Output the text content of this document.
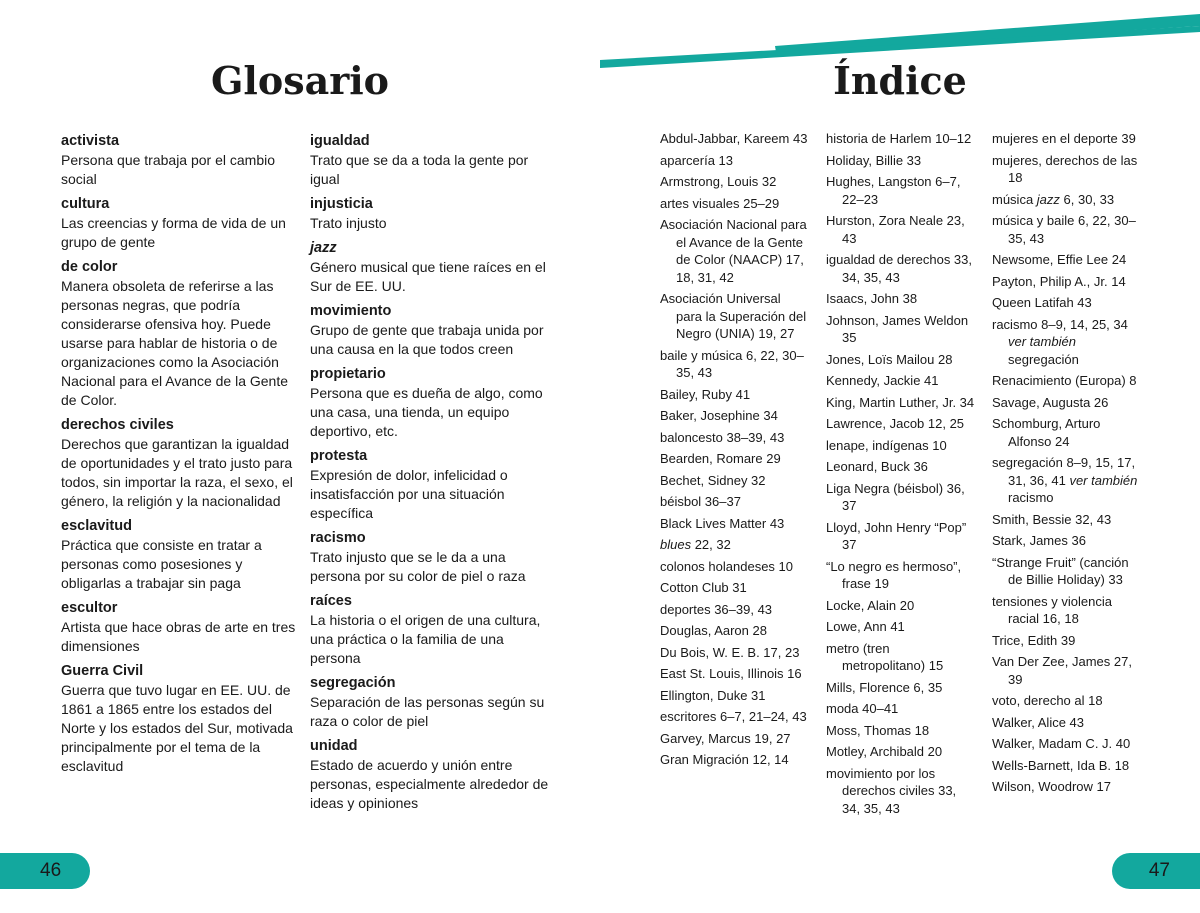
Glosario
activista
Persona que trabaja por el cambio social
cultura
Las creencias y forma de vida de un grupo de gente
de color
Manera obsoleta de referirse a las personas negras, que podría considerarse ofensiva hoy. Puede usarse para hablar de historia o de organizaciones como la Asociación Nacional para el Avance de la Gente de Color.
derechos civiles
Derechos que garantizan la igualdad de oportunidades y el trato justo para todos, sin importar la raza, el sexo, el género, la religión y la nacionalidad
esclavitud
Práctica que consiste en tratar a personas como posesiones y obligarlas a trabajar sin paga
escultor
Artista que hace obras de arte en tres dimensiones
Guerra Civil
Guerra que tuvo lugar en EE. UU. de 1861 a 1865 entre los estados del Norte y los estados del Sur, motivada principalmente por el tema de la esclavitud
igualdad
Trato que se da a toda la gente por igual
injusticia
Trato injusto
jazz
Género musical que tiene raíces en el Sur de EE. UU.
movimiento
Grupo de gente que trabaja unida por una causa en la que todos creen
propietario
Persona que es dueña de algo, como una casa, una tienda, un equipo deportivo, etc.
protesta
Expresión de dolor, infelicidad o insatisfacción por una situación específica
racismo
Trato injusto que se le da a una persona por su color de piel o raza
raíces
La historia o el origen de una cultura, una práctica o la familia de una persona
segregación
Separación de las personas según su raza o color de piel
unidad
Estado de acuerdo y unión entre personas, especialmente alrededor de ideas y opiniones
46
Índice
Abdul-Jabbar, Kareem 43
aparcería 13
Armstrong, Louis 32
artes visuales 25–29
Asociación Nacional para el Avance de la Gente de Color (NAACP) 17, 18, 31, 42
Asociación Universal para la Superación del Negro (UNIA) 19, 27
baile y música 6, 22, 30–35, 43
Bailey, Ruby 41
Baker, Josephine 34
baloncesto 38–39, 43
Bearden, Romare 29
Bechet, Sidney 32
béisbol 36–37
Black Lives Matter 43
blues 22, 32
colonos holandeses 10
Cotton Club 31
deportes 36–39, 43
Douglas, Aaron 28
Du Bois, W. E. B. 17, 23
East St. Louis, Illinois 16
Ellington, Duke 31
escritores 6–7, 21–24, 43
Garvey, Marcus 19, 27
Gran Migración 12, 14
historia de Harlem 10–12
Holiday, Billie 33
Hughes, Langston 6–7, 22–23
Hurston, Zora Neale 23, 43
igualdad de derechos 33, 34, 35, 43
Isaacs, John 38
Johnson, James Weldon 35
Jones, Loïs Mailou 28
Kennedy, Jackie 41
King, Martin Luther, Jr. 34
Lawrence, Jacob 12, 25
lenape, indígenas 10
Leonard, Buck 36
Liga Negra (béisbol) 36, 37
Lloyd, John Henry “Pop” 37
“Lo negro es hermoso”, frase 19
Locke, Alain 20
Lowe, Ann 41
metro (tren metropolitano) 15
Mills, Florence 6, 35
moda 40–41
Moss, Thomas 18
Motley, Archibald 20
movimiento por los derechos civiles 33, 34, 35, 43
mujeres en el deporte 39
mujeres, derechos de las 18
música jazz 6, 30, 33
música y baile 6, 22, 30–35, 43
Newsome, Effie Lee 24
Payton, Philip A., Jr. 14
Queen Latifah 43
racismo 8–9, 14, 25, 34 ver también segregación
Renacimiento (Europa) 8
Savage, Augusta 26
Schomburg, Arturo Alfonso 24
segregación 8–9, 15, 17, 31, 36, 41 ver también racismo
Smith, Bessie 32, 43
Stark, James 36
“Strange Fruit” (canción de Billie Holiday) 33
tensiones y violencia racial 16, 18
Trice, Edith 39
Van Der Zee, James 27, 39
voto, derecho al 18
Walker, Alice 43
Walker, Madam C. J. 40
Wells-Barnett, Ida B. 18
Wilson, Woodrow 17
47
